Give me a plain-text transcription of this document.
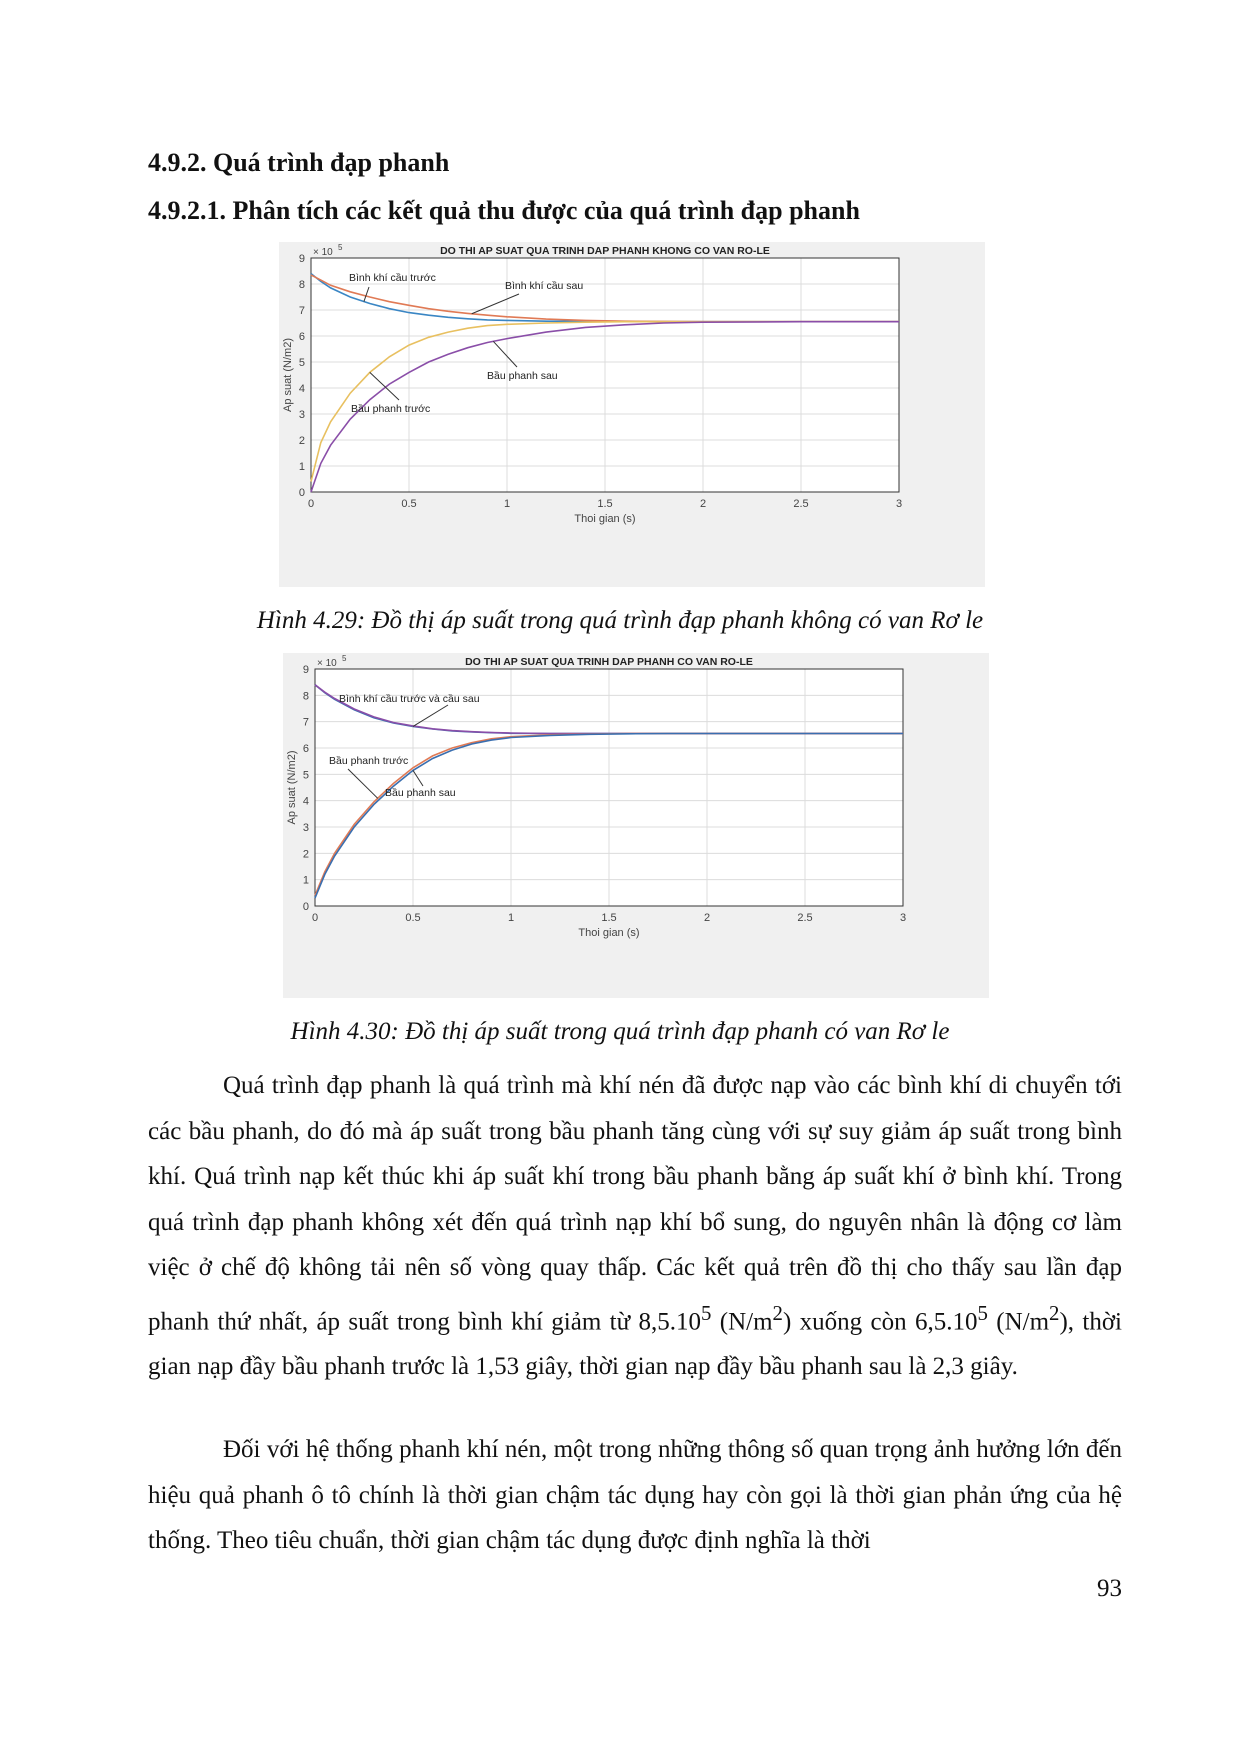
4.9.2. Quá trình đạp phanh
4.9.2.1. Phân tích các kết quả thu được của quá trình đạp phanh
0	0.5	1	1.5	2	2.5	3
0
1
2
3
4
5
6
7
8
9
× 10 5	DO THI AP SUAT QUA TRINH DAP PHANH KHONG CO VAN RO-LE
Thoi gian (s)
Ap suat (N/m2)
Bình khí cầu trước
Bình khí cầu sau
Bầu phanh sau
Bầu phanh trước

Hình 4.29: Đồ thị áp suất trong quá trình đạp phanh không có van Rơ le

0	0.5	1	1.5	2	2.5	3
0
1
2
3
4
5
6
7
8
9
× 10 5	DO THI AP SUAT QUA TRINH DAP PHANH CO VAN RO-LE
Thoi gian (s)
Ap suat (N/m2)
Bình khí cầu trước và cầu sau
Bầu phanh trước
Bầu phanh sau

Hình 4.30: Đồ thị áp suất trong quá trình đạp phanh có van Rơ le

Quá trình đạp phanh là quá trình mà khí nén đã được nạp vào các bình khí di chuyển tới các bầu phanh, do đó mà áp suất trong bầu phanh tăng cùng với sự suy giảm áp suất trong bình khí. Quá trình nạp kết thúc khi áp suất khí trong bầu phanh bằng áp suất khí ở bình khí. Trong quá trình đạp phanh không xét đến quá trình nạp khí bổ sung, do nguyên nhân là động cơ làm việc ở chế độ không tải nên số vòng quay thấp. Các kết quả trên đồ thị cho thấy sau lần đạp phanh thứ nhất, áp suất trong bình khí giảm từ 8,5.10$^5$ $(N/m^2)$ xuống còn 6,5.10$^5$ $(N/m^2)$, thời gian nạp đầy bầu phanh trước là 1,53 giây, thời gian nạp đầy bầu phanh sau là 2,3 giây.

Đối với hệ thống phanh khí nén, một trong những thông số quan trọng ảnh hưởng lớn đến hiệu quả phanh ô tô chính là thời gian chậm tác dụng hay còn gọi là thời gian phản ứng của hệ thống. Theo tiêu chuẩn, thời gian chậm tác dụng được định nghĩa là thời

93
